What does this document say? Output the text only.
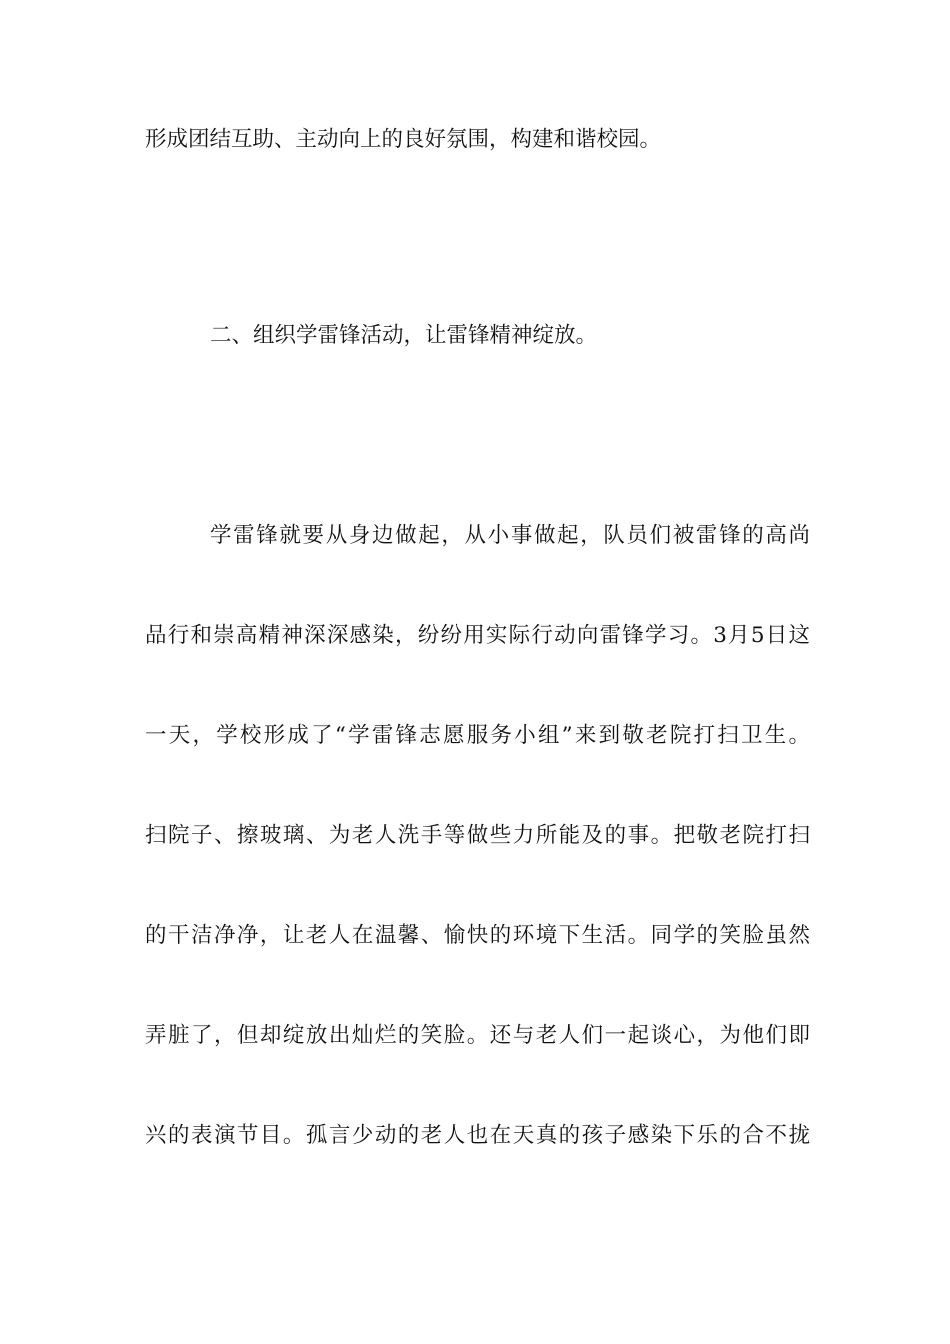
形成团结互助、主动向上的良好氛围，构建和谐校园。
二、组织学雷锋活动，让雷锋精神绽放。
学雷锋就要从身边做起，从小事做起，队员们被雷锋的高尚
品行和崇高精神深深感染，纷纷用实际行动向雷锋学习。3月5日这
一天，学校形成了“学雷锋志愿服务小组”来到敬老院打扫卫生。
扫院子、擦玻璃、为老人洗手等做些力所能及的事。把敬老院打扫
的干洁净净，让老人在温馨、愉快的环境下生活。同学的笑脸虽然
弄脏了，但却绽放出灿烂的笑脸。还与老人们一起谈心，为他们即
兴的表演节目。孤言少动的老人也在天真的孩子感染下乐的合不拢
